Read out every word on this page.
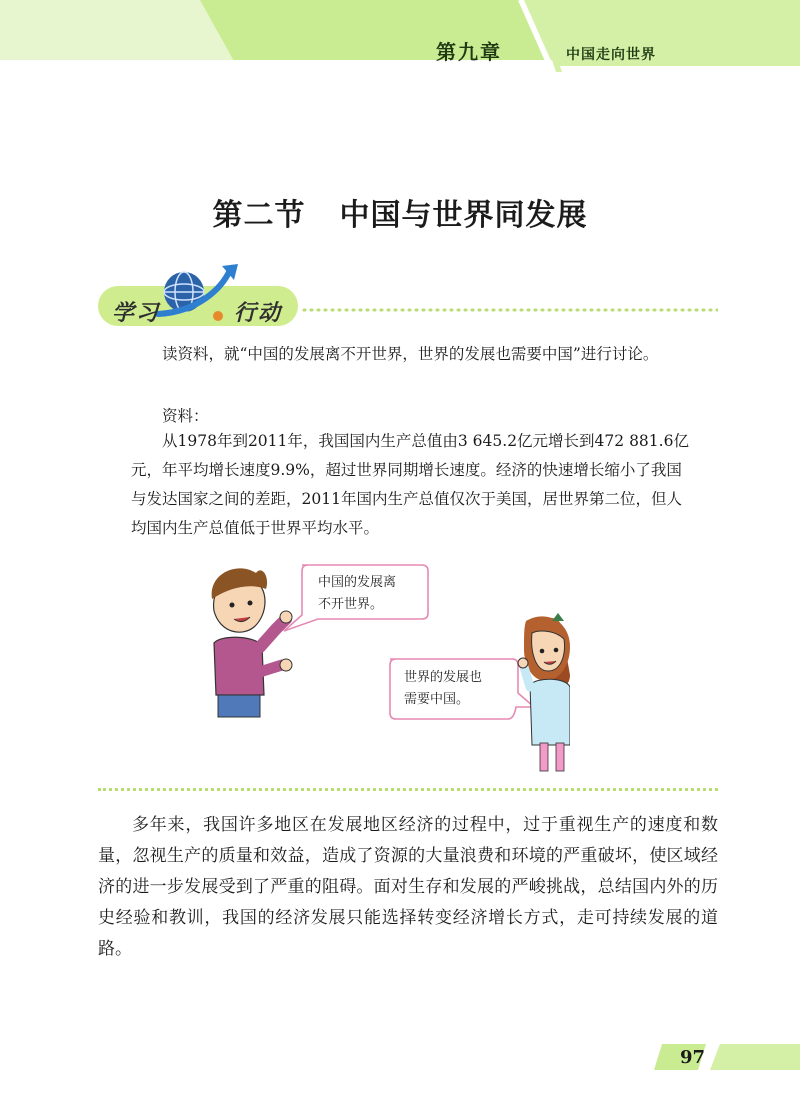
第九章	中国走向世界
第二节 中国与世界同发展
学习	行动

读资料，就“中国的发展离不开世界，世界的发展也需要中国”进行讨论。

资料：

从1978年到2011年，我国国内生产总值由3 645.2亿元增长到472 881.6亿元，年平均增长速度9.9%，超过世界同期增长速度。经济的快速增长缩小了我国与发达国家之间的差距，2011年国内生产总值仅次于美国，居世界第二位，但人均国内生产总值低于世界平均水平。

中国的发展离
不开世界。
世界的发展也
需要中国。

多年来，我国许多地区在发展地区经济的过程中，过于重视生产的速度和数量，忽视生产的质量和效益，造成了资源的大量浪费和环境的严重破坏，使区域经济的进一步发展受到了严重的阻碍。面对生存和发展的严峻挑战，总结国内外的历史经验和教训，我国的经济发展只能选择转变经济增长方式，走可持续发展的道路。

97
